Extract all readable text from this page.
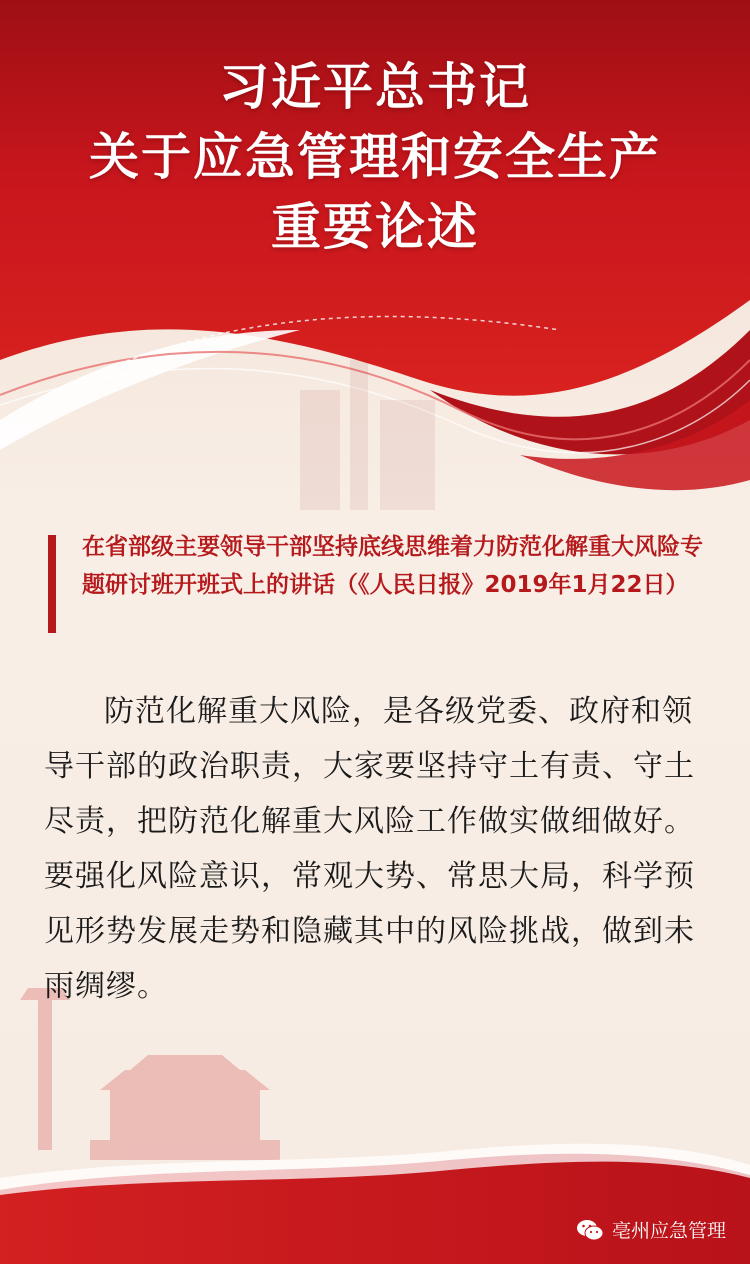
习近平总书记
关于应急管理和安全生产
重要论述
在省部级主要领导干部坚持底线思维着力防范化解重大风险专题研讨班开班式上的讲话（《人民日报》2019年1月22日）
防范化解重大风险，是各级党委、政府和领导干部的政治职责，大家要坚持守土有责、守土尽责，把防范化解重大风险工作做实做细做好。要强化风险意识，常观大势、常思大局，科学预见形势发展走势和隐藏其中的风险挑战，做到未雨绸缪。
亳州应急管理
